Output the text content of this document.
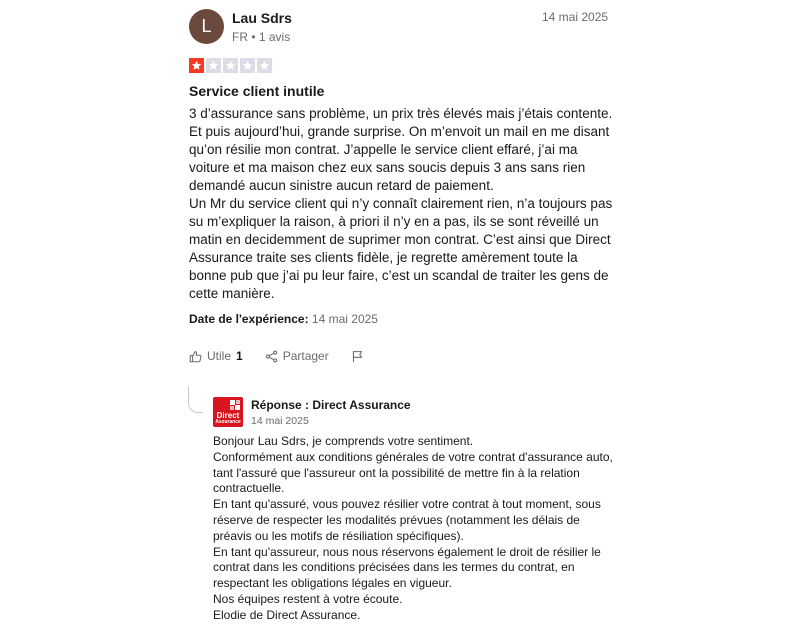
L	Lau Sdrs
FR • 1 avis
14 mai 2025
Service client inutile
3 d’assurance sans problème, un prix très élevés mais j’étais contente.
Et puis aujourd’hui, grande surprise. On m’envoit un mail en me disant qu’on résilie mon contrat. J’appelle le service client effaré, j’ai ma voiture et ma maison chez eux sans soucis depuis 3 ans sans rien demandé aucun sinistre aucun retard de paiement.
Un Mr du service client qui n’y connaît clairement rien, n’a toujours pas su m’expliquer la raison, à priori il n’y en a pas, ils se sont réveillé un matin en decidemment de suprimer mon contrat. C’est ainsi que Direct Assurance traite ses clients fidèle, je regrette amèrement toute la bonne pub que j’ai pu leur faire, c’est un scandal de traiter les gens de cette manière.
Date de l'expérience: 14 mai 2025
Utile 1	Partager
Direct
Assurance
Réponse : Direct Assurance
14 mai 2025
Bonjour Lau Sdrs, je comprends votre sentiment.
Conformément aux conditions générales de votre contrat d'assurance auto, tant l'assuré que l'assureur ont la possibilité de mettre fin à la relation contractuelle.
En tant qu'assuré, vous pouvez résilier votre contrat à tout moment, sous réserve de respecter les modalités prévues (notamment les délais de préavis ou les motifs de résiliation spécifiques).
En tant qu'assureur, nous nous réservons également le droit de résilier le contrat dans les conditions précisées dans les termes du contrat, en respectant les obligations légales en vigueur.
Nos équipes restent à votre écoute.
Elodie de Direct Assurance.
